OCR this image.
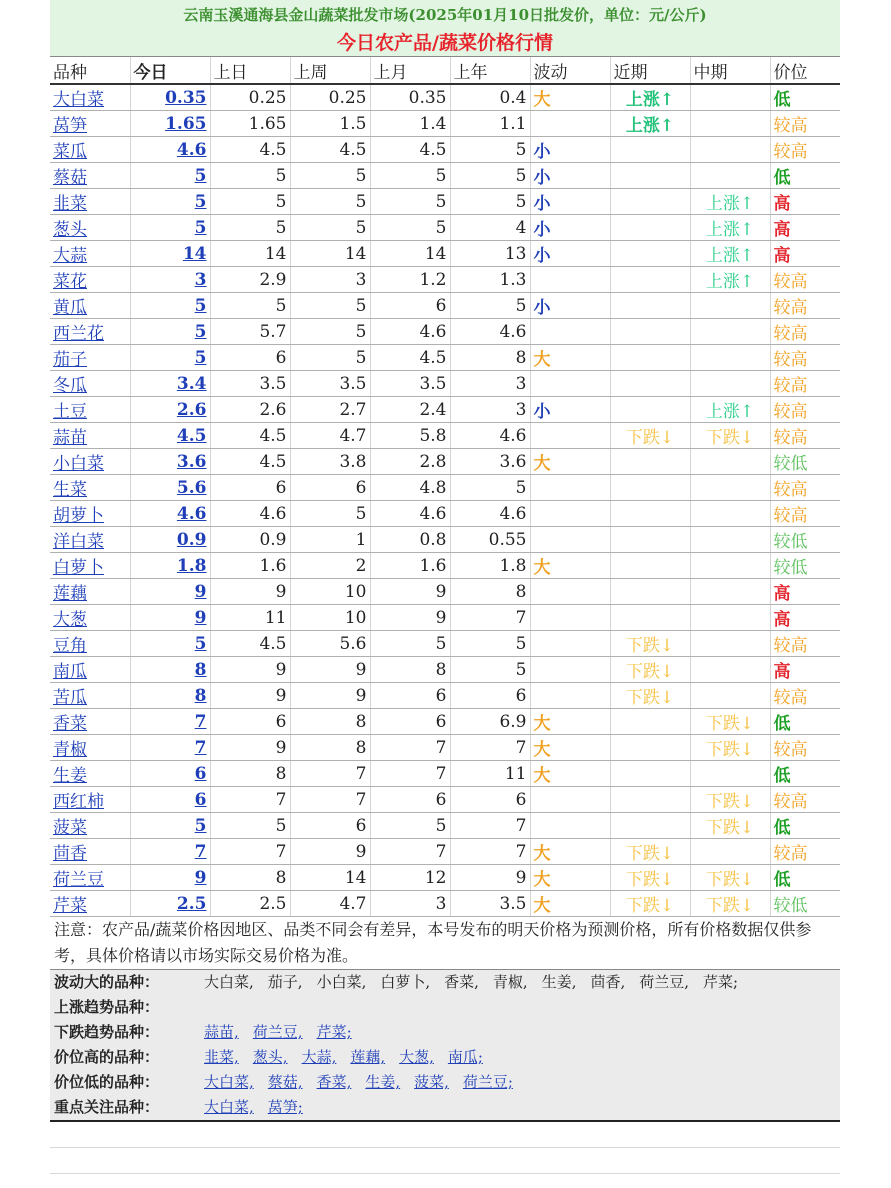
云南玉溪通海县金山蔬菜批发市场(2025年01月10日批发价，单位：元/公斤)
今日农产品/蔬菜价格行情
品种	今日	上日	上周	上月	上年	波动	近期	中期	价位
大白菜	0.35	0.25	0.25	0.35	0.4	大	上涨↑		低
莴笋	1.65	1.65	1.5	1.4	1.1		上涨↑		较高
菜瓜	4.6	4.5	4.5	4.5	5	小			较高
蔡菇	5	5	5	5	5	小			低
韭菜	5	5	5	5	5	小		上涨↑	高
葱头	5	5	5	5	4	小		上涨↑	高
大蒜	14	14	14	14	13	小		上涨↑	高
菜花	3	2.9	3	1.2	1.3			上涨↑	较高
黄瓜	5	5	5	6	5	小			较高
西兰花	5	5.7	5	4.6	4.6				较高
茄子	5	6	5	4.5	8	大			较高
冬瓜	3.4	3.5	3.5	3.5	3				较高
土豆	2.6	2.6	2.7	2.4	3	小		上涨↑	较高
蒜苗	4.5	4.5	4.7	5.8	4.6		下跌↓	下跌↓	较高
小白菜	3.6	4.5	3.8	2.8	3.6	大			较低
生菜	5.6	6	6	4.8	5				较高
胡萝卜	4.6	4.6	5	4.6	4.6				较高
洋白菜	0.9	0.9	1	0.8	0.55				较低
白萝卜	1.8	1.6	2	1.6	1.8	大			较低
莲藕	9	9	10	9	8				高
大葱	9	11	10	9	7				高
豆角	5	4.5	5.6	5	5		下跌↓		较高
南瓜	8	9	9	8	5		下跌↓		高
苦瓜	8	9	9	6	6		下跌↓		较高
香菜	7	6	8	6	6.9	大		下跌↓	低
青椒	7	9	8	7	7	大		下跌↓	较高
生姜	6	8	7	7	11	大			低
西红柿	6	7	7	6	6			下跌↓	较高
菠菜	5	5	6	5	7			下跌↓	低
茴香	7	7	9	7	7	大	下跌↓		较高
荷兰豆	9	8	14	12	9	大	下跌↓	下跌↓	低
芹菜	2.5	2.5	4.7	3	3.5	大	下跌↓	下跌↓	较低
注意：农产品/蔬菜价格因地区、品类不同会有差异，本号发布的明天价格为预测价格，所有价格数据仅供参考，具体价格请以市场实际交易价格为准。
波动大的品种：	大白菜, 茄子, 小白菜, 白萝卜, 香菜, 青椒, 生姜, 茴香, 荷兰豆, 芹菜;
上涨趋势品种：
下跌趋势品种：	蒜苗, 荷兰豆, 芹菜;
价位高的品种：	韭菜, 葱头, 大蒜, 莲藕, 大葱, 南瓜;
价位低的品种：	大白菜, 蔡菇, 香菜, 生姜, 菠菜, 荷兰豆;
重点关注品种：	大白菜, 莴笋;
